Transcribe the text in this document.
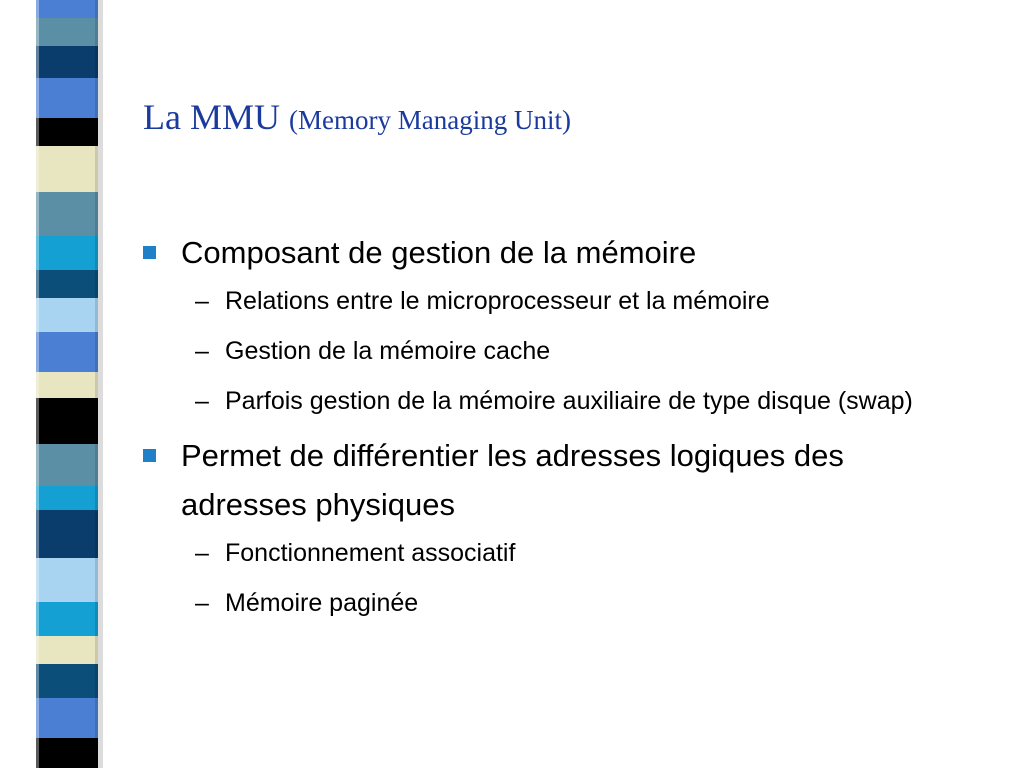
La MMU (Memory Managing Unit)
Composant de gestion de la mémoire
– Relations entre le microprocesseur et la mémoire
– Gestion de la mémoire cache
– Parfois gestion de la mémoire auxiliaire de type disque (swap)
Permet de différentier les adresses logiques des adresses physiques
– Fonctionnement associatif
– Mémoire paginée
